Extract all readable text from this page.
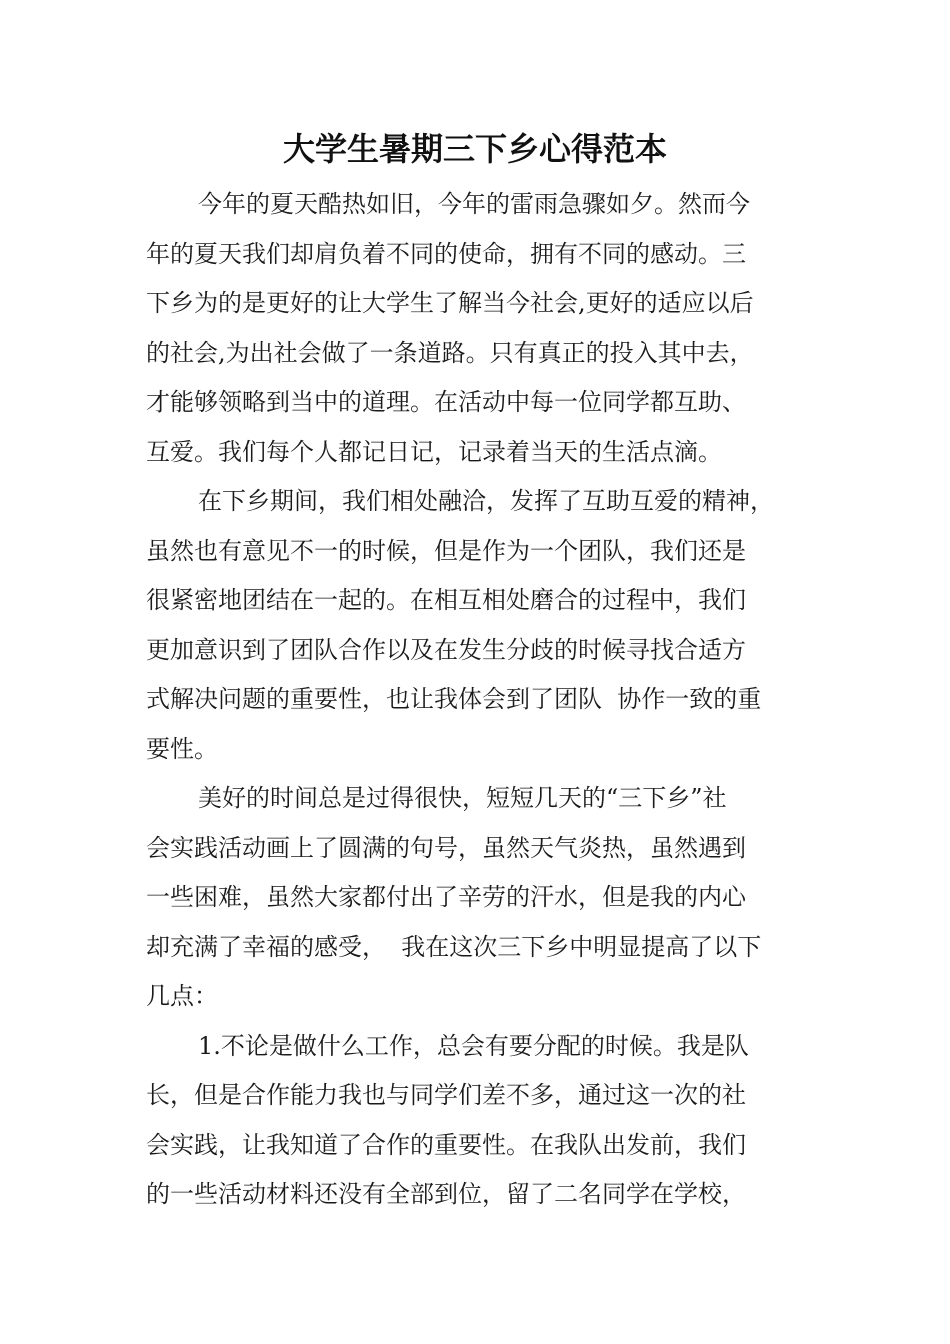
大学生暑期三下乡心得范本
今年的夏天酷热如旧，今年的雷雨急骤如夕。然而今
年的夏天我们却肩负着不同的使命，拥有不同的感动。三
下乡为的是更好的让大学生了解当今社会,更好的适应以后
的社会,为出社会做了一条道路。只有真正的投入其中去，
才能够领略到当中的道理。在活动中每一位同学都互助、
互爱。我们每个人都记日记，记录着当天的生活点滴。
在下乡期间，我们相处融洽，发挥了互助互爱的精神，
虽然也有意见不一的时候，但是作为一个团队，我们还是
很紧密地团结在一起的。在相互相处磨合的过程中，我们
更加意识到了团队合作以及在发生分歧的时候寻找合适方
式解决问题的重要性，也让我体会到了团队  协作一致的重
要性。
美好的时间总是过得很快，短短几天的“三下乡”社
会实践活动画上了圆满的句号，虽然天气炎热，虽然遇到
一些困难，虽然大家都付出了辛劳的汗水，但是我的内心
却充满了幸福的感受，  我在这次三下乡中明显提高了以下
几点：
1.不论是做什么工作，总会有要分配的时候。我是队
长，但是合作能力我也与同学们差不多，通过这一次的社
会实践，让我知道了合作的重要性。在我队出发前，我们
的一些活动材料还没有全部到位，留了二名同学在学校，
